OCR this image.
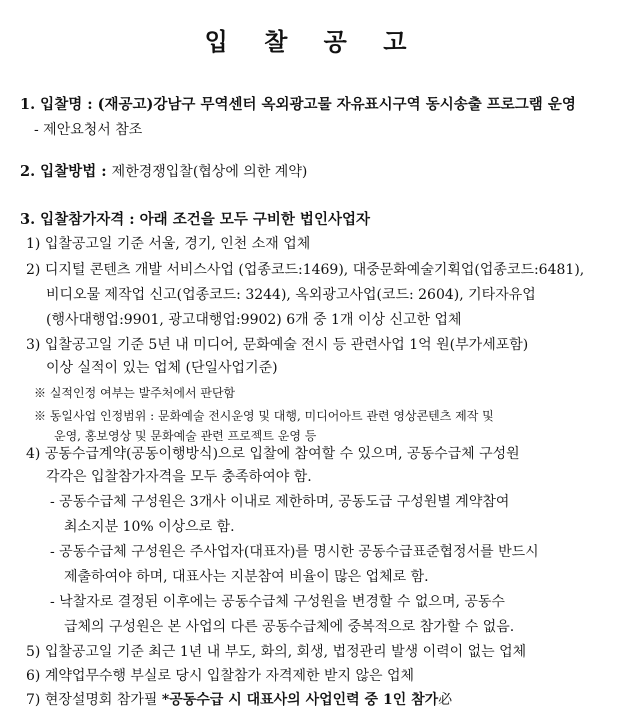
입 찰 공 고
1. 입찰명 : (재공고)강남구 무역센터 옥외광고물 자유표시구역 동시송출 프로그램 운영
- 제안요청서 참조
2. 입찰방법 : 제한경쟁입찰(협상에 의한 계약)
3. 입찰참가자격 : 아래 조건을 모두 구비한 법인사업자
1) 입찰공고일 기준 서울, 경기, 인천 소재 업체
2) 디지털 콘텐츠 개발 서비스사업 (업종코드:1469), 대중문화예술기획업(업종코드:6481),
비디오물 제작업 신고(업종코드: 3244), 옥외광고사업(코드: 2604), 기타자유업
(행사대행업:9901, 광고대행업:9902) 6개 중 1개 이상 신고한 업체
3) 입찰공고일 기준 5년 내 미디어, 문화예술 전시 등 관련사업 1억 원(부가세포함)
이상 실적이 있는 업체 (단일사업기준)
※ 실적인정 여부는 발주처에서 판단함
※ 동일사업 인정범위 : 문화예술 전시운영 및 대행, 미디어아트 관련 영상콘텐츠 제작 및
운영, 홍보영상 및 문화예술 관련 프로젝트 운영 등
4) 공동수급계약(공동이행방식)으로 입찰에 참여할 수 있으며, 공동수급체 구성원
각각은 입찰참가자격을 모두 충족하여야 함.
- 공동수급체 구성원은 3개사 이내로 제한하며, 공동도급 구성원별 계약참여
최소지분 10% 이상으로 함.
- 공동수급체 구성원은 주사업자(대표자)를 명시한 공동수급표준협정서를 반드시
제출하여야 하며, 대표사는 지분참여 비율이 많은 업체로 함.
- 낙찰자로 결정된 이후에는 공동수급체 구성원을 변경할 수 없으며, 공동수
급체의 구성원은 본 사업의 다른 공동수급체에 중복적으로 참가할 수 없음.
5) 입찰공고일 기준 최근 1년 내 부도, 화의, 회생, 법정관리 발생 이력이 없는 업체
6) 계약업무수행 부실로 당시 입찰참가 자격제한 받지 않은 업체
7) 현장설명회 참가필 *공동수급 시 대표사의 사업인력 중 1인 참가必
